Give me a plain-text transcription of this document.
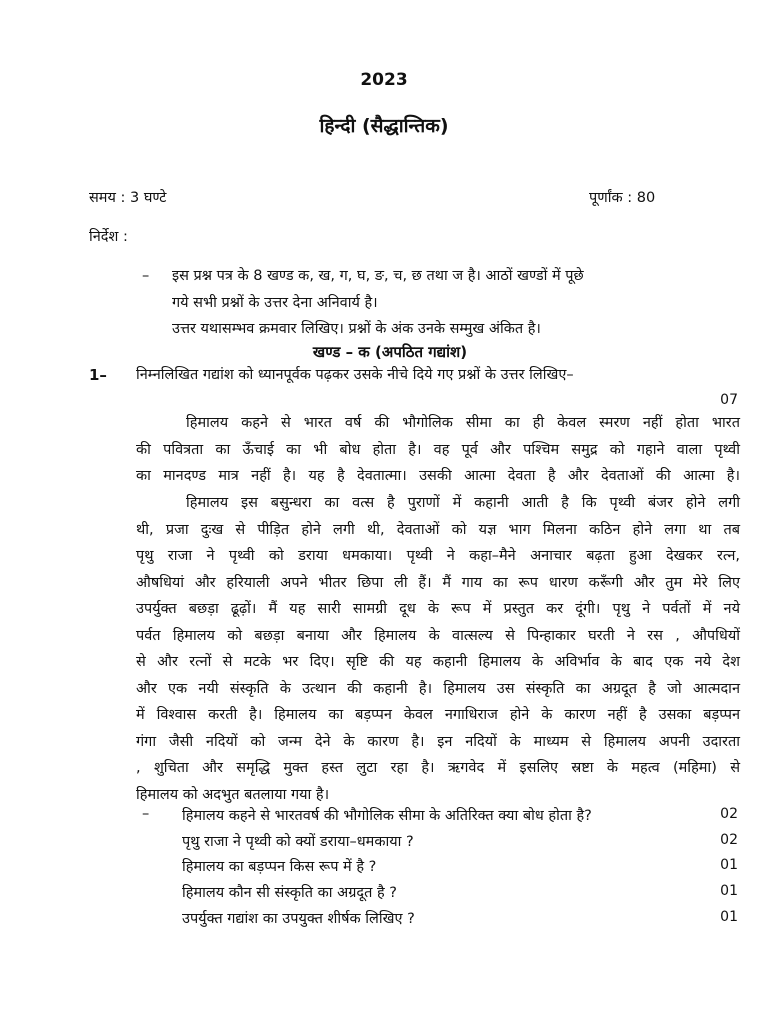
2023
हिन्दी (सैद्धान्तिक)
समय : 3 घण्टे	पूर्णांक : 80
निर्देश :
– इस प्रश्न पत्र के 8 खण्ड क, ख, ग, घ, ङ, च, छ तथा ज है। आठों खण्डों में पूछे
गये सभी प्रश्नों के उत्तर देना अनिवार्य है।
उत्तर यथासम्भव क्रमवार लिखिए। प्रश्नों के अंक उनके सम्मुख अंकित है।
खण्ड – क (अपठित गद्यांश)
1– निम्नलिखित गद्यांश को ध्यानपूर्वक पढ़कर उसके नीचे दिये गए प्रश्नों के उत्तर लिखिए–
07
हिमालय कहने से भारत वर्ष की भौगोलिक सीमा का ही केवल स्मरण नहीं होता भारत
की पवित्रता का ऊँचाई का भी बोध होता है। वह पूर्व और पश्चिम समुद्र को गहाने वाला पृथ्वी
का मानदण्ड मात्र नहीं है। यह है देवतात्मा। उसकी आत्मा देवता है और देवताओं की आत्मा है।
हिमालय इस बसुन्धरा का वत्स है पुराणों में कहानी आती है कि पृथ्वी बंजर होने लगी
थी, प्रजा दुःख से पीड़ित होने लगी थी, देवताओं को यज्ञ भाग मिलना कठिन होने लगा था तब
पृथु राजा ने पृथ्वी को डराया धमकाया। पृथ्वी ने कहा–मैने अनाचार बढ़ता हुआ देखकर रत्न,
औषधियां और हरियाली अपने भीतर छिपा ली हैं। मैं गाय का रूप धारण करूँगी और तुम मेरे लिए
उपर्युक्त बछड़ा ढूढ़ों। मैं यह सारी सामग्री दूध के रूप में प्रस्तुत कर दूंगी। पृथु ने पर्वतों में नये
पर्वत हिमालय को बछड़ा बनाया और हिमालय के वात्सल्य से पिन्हाकार घरती ने रस , औपधियों
से और रत्नों से मटके भर दिए। सृष्टि की यह कहानी हिमालय के अविर्भाव के बाद एक नये देश
और एक नयी संस्कृति के उत्थान की कहानी है। हिमालय उस संस्कृति का अग्रदूत है जो आत्मदान
में विश्वास करती है। हिमालय का बड़प्पन केवल नगाधिराज होने के कारण नहीं है उसका बड़प्पन
गंगा जैसी नदियों को जन्म देने के कारण है। इन नदियों के माध्यम से हिमालय अपनी उदारता
, शुचिता और समृद्धि मुक्त हस्त लुटा रहा है। ऋगवेद में इसलिए स्रष्टा के महत्व (महिमा) से
हिमालय को अदभुत बतलाया गया है।
– हिमालय कहने से भारतवर्ष की भौगोलिक सीमा के अतिरिक्त क्या बोध होता है?	02
पृथु राजा ने पृथ्वी को क्यों डराया–धमकाया ?	02
हिमालय का बड़प्पन किस रूप में है ?	01
हिमालय कौन सी संस्कृति का अग्रदूत है ?	01
उपर्युक्त गद्यांश का उपयुक्त शीर्षक लिखिए ?	01
